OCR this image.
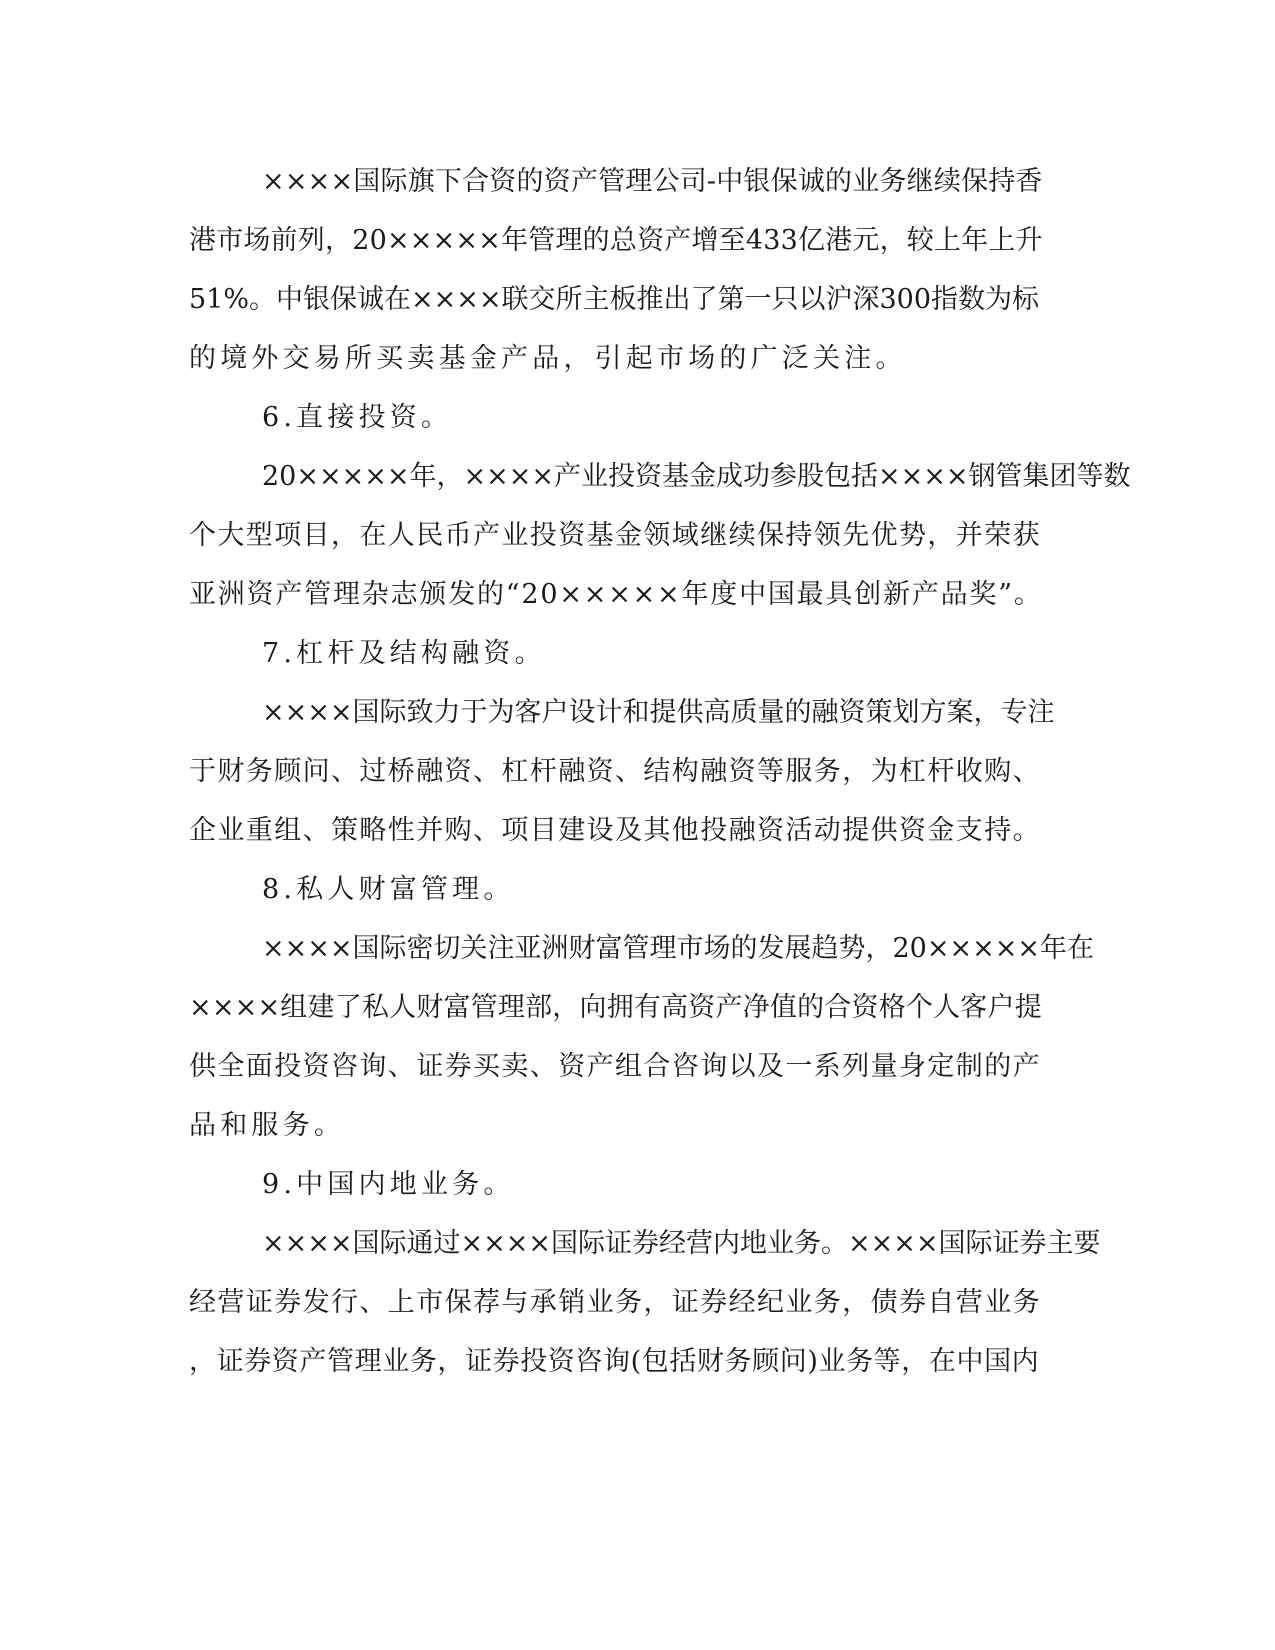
××××国际旗下合资的资产管理公司-中银保诚的业务继续保持香
港市场前列，20×××××年管理的总资产增至433亿港元，较上年上升
51%。中银保诚在××××联交所主板推出了第一只以沪深300指数为标
的境外交易所买卖基金产品，引起市场的广泛关注。
6.直接投资。
20×××××年，××××产业投资基金成功参股包括××××钢管集团等数
个大型项目，在人民币产业投资基金领域继续保持领先优势，并荣获
亚洲资产管理杂志颁发的“20×××××年度中国最具创新产品奖”。
7.杠杆及结构融资。
××××国际致力于为客户设计和提供高质量的融资策划方案，专注
于财务顾问、过桥融资、杠杆融资、结构融资等服务，为杠杆收购、
企业重组、策略性并购、项目建设及其他投融资活动提供资金支持。
8.私人财富管理。
××××国际密切关注亚洲财富管理市场的发展趋势，20×××××年在
××××组建了私人财富管理部，向拥有高资产净值的合资格个人客户提
供全面投资咨询、证券买卖、资产组合咨询以及一系列量身定制的产
品和服务。
9.中国内地业务。
××××国际通过××××国际证券经营内地业务。××××国际证券主要
经营证券发行、上市保荐与承销业务，证券经纪业务，债券自营业务
，证券资产管理业务，证券投资咨询(包括财务顾问)业务等，在中国内
